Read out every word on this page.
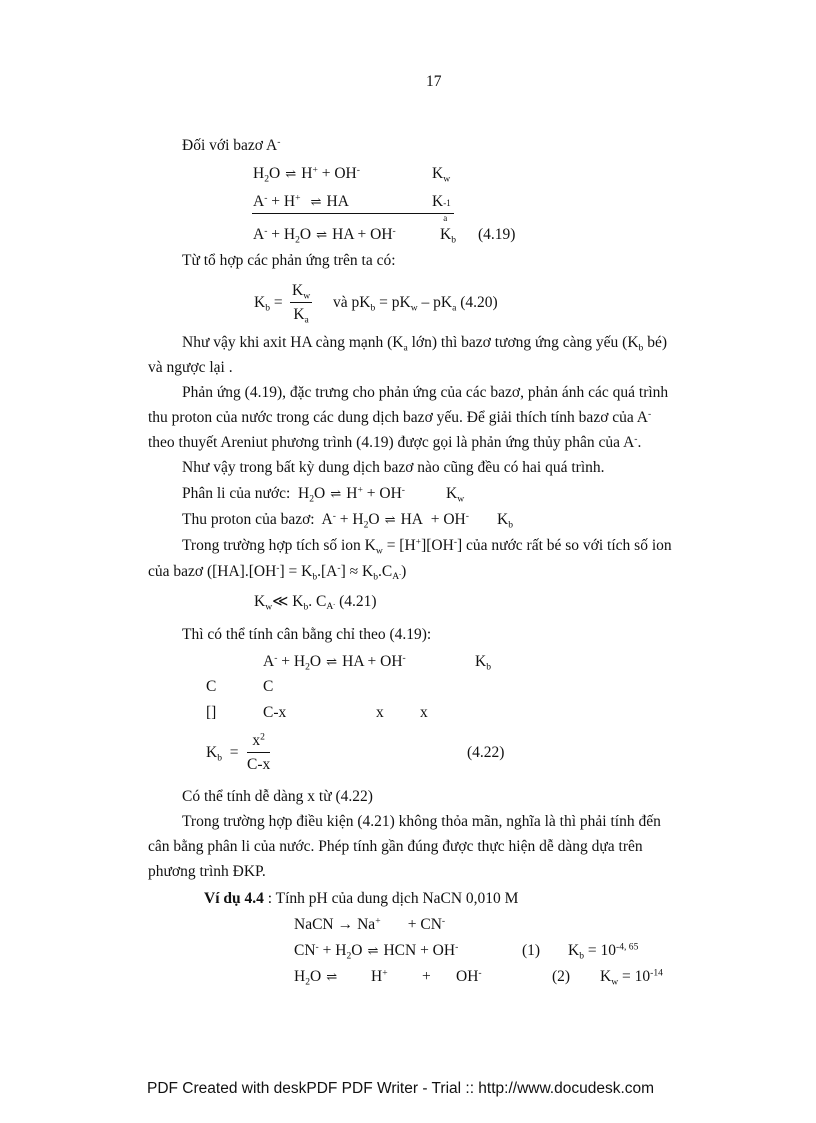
17
Đối với bazơ A-
$H_2O$ ⇌ H+ + OH-	$K_w$
A- + H+ ⇌ HA	K -1
a
$A^- + H_2O$ ⇌ HA + OH-	$K_b$ (4.19)
Từ tổ hợp các phản ứng trên ta có:
$K_b = \frac{K_w}{K_a}$ và $pK_b = pK_w - pK_a$ (4.20)
Như vậy khi axit HA càng mạnh ($K_a$ lớn) thì bazơ tương ứng càng yếu ($K_b$ bé)
và ngược lại .
Phản ứng (4.19), đặc trưng cho phản ứng của các bazơ, phản ánh các quá trình
thu proton của nước trong các dung dịch bazơ yếu. Để giải thích tính bazơ của A-
theo thuyết Areniut phương trình (4.19) được gọi là phản ứng thủy phân của A-.
Như vậy trong bất kỳ dung dịch bazơ nào cũng đều có hai quá trình.
Phân li của nước:  $H_2O$ ⇌ H+ + OH-	$K_w$
Thu proton của bazơ:  $A^- + H_2O$ ⇌ HA  + OH- $K_b$
Trong trường hợp tích số ion $K_w = [H^+][OH^-]$ của nước rất bé so với tích số ion
của bazơ $([HA].[OH^-] = K_b.[A^-] \approx K_b.C_{A^-})$
$K_w≪$ $K_b$. $C_{A^-}$ (4.21)
Thì có thể tính cân bằng chỉ theo (4.19):
$A^- + H_2O$ ⇌ HA + OH-	$K_b$
C	C
[]	C-x	x x
$K_b = \frac{x^2}{C-x}$	(4.22)
Có thể tính dễ dàng x từ (4.22)
Trong trường hợp điều kiện (4.21) không thỏa mãn, nghĩa là thì phải tính đến
cân bằng phân li của nước. Phép tính gần đúng được thực hiện dễ dàng dựa trên
phương trình ĐKP.
Ví dụ 4.4 : Tính pH của dung dịch NaCN 0,010 M
NaCN → Na+ + CN-
$CN^- + H_2O$ ⇌ HCN + OH-	(1) $K_b = 10^{-4, 65}$
$H_2O$ ⇌	H+ + OH-	(2) $K_w = 10^{-14}$
PDF Created with deskPDF PDF Writer - Trial :: http://www.docudesk.com
